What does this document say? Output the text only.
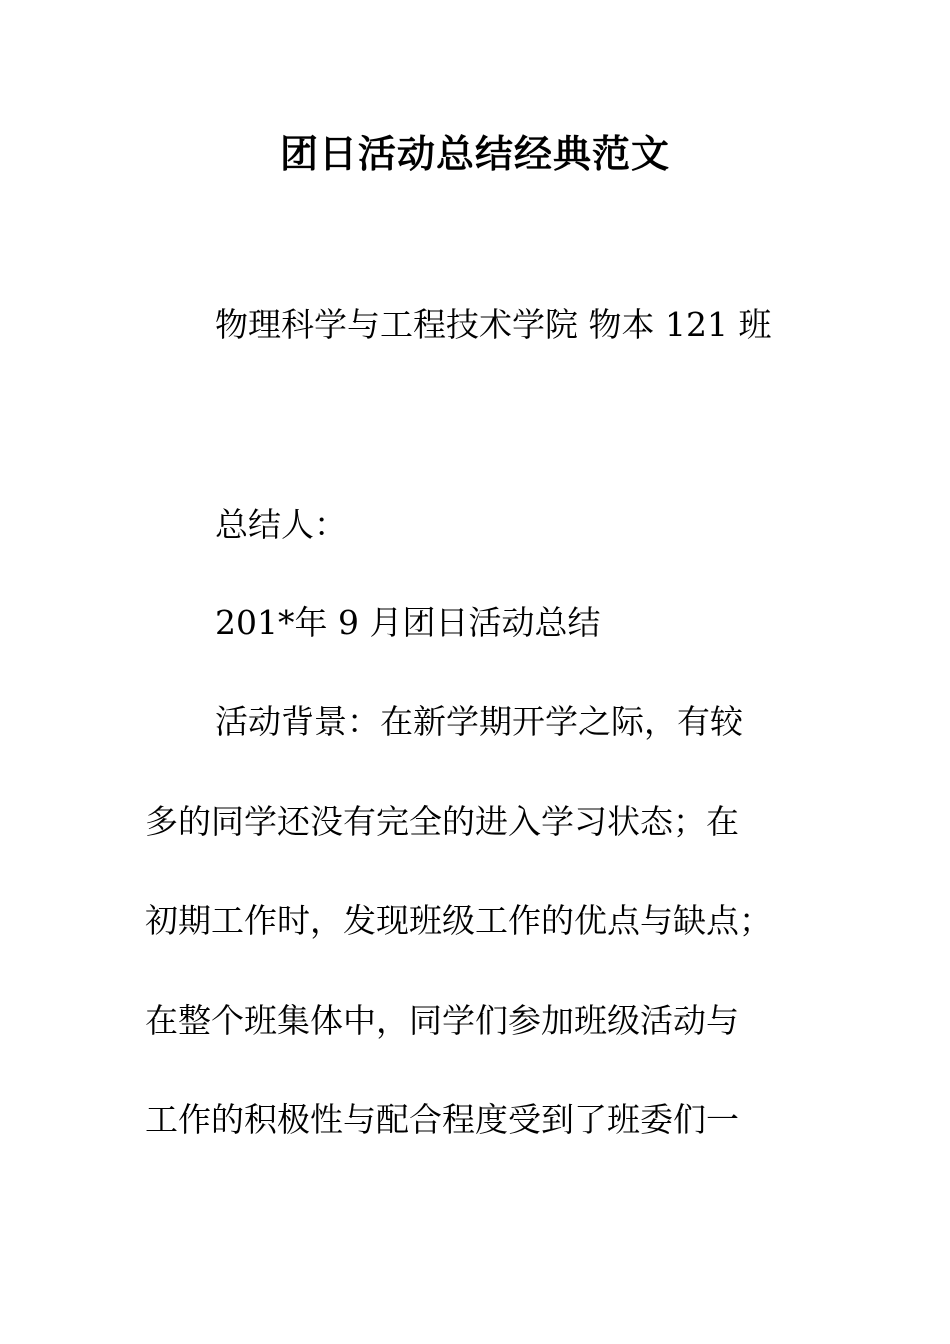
团日活动总结经典范文
物理科学与工程技术学院 物本 121 班
总结人：
201*年 9 月团日活动总结
活动背景：在新学期开学之际，有较
多的同学还没有完全的进入学习状态；在
初期工作时，发现班级工作的优点与缺点；
在整个班集体中，同学们参加班级活动与
工作的积极性与配合程度受到了班委们一
